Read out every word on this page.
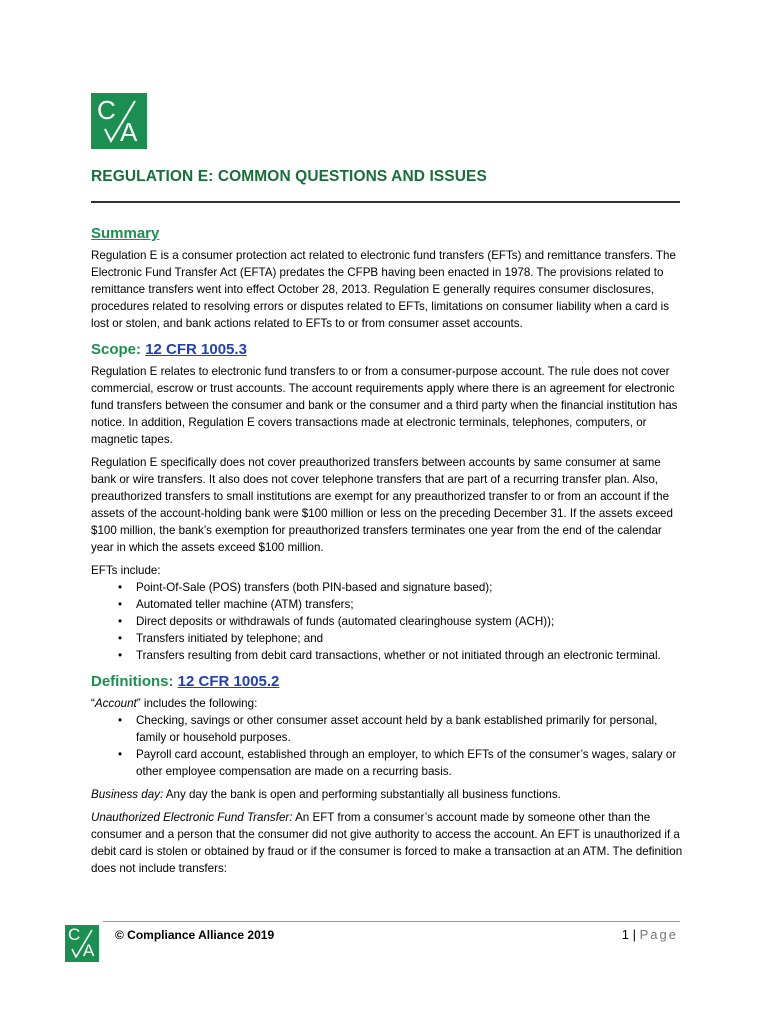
C
A
REGULATION E: COMMON QUESTIONS AND ISSUES
Summary

Regulation E is a consumer protection act related to electronic fund transfers (EFTs) and remittance transfers. The Electronic Fund Transfer Act (EFTA) predates the CFPB having been enacted in 1978. The provisions related to remittance transfers went into effect October 28, 2013. Regulation E generally requires consumer disclosures, procedures related to resolving errors or disputes related to EFTs, limitations on consumer liability when a card is lost or stolen, and bank actions related to EFTs to or from consumer asset accounts.

Scope: 12 CFR 1005.3

Regulation E relates to electronic fund transfers to or from a consumer-purpose account. The rule does not cover commercial, escrow or trust accounts. The account requirements apply where there is an agreement for electronic fund transfers between the consumer and bank or the consumer and a third party when the financial institution has notice. In addition, Regulation E covers transactions made at electronic terminals, telephones, computers, or magnetic tapes.

Regulation E specifically does not cover preauthorized transfers between accounts by same consumer at same bank or wire transfers. It also does not cover telephone transfers that are part of a recurring transfer plan. Also, preauthorized transfers to small institutions are exempt for any preauthorized transfer to or from an account if the assets of the account-holding bank were $100 million or less on the preceding December 31. If the assets exceed $100 million, the bank’s exemption for preauthorized transfers terminates one year from the end of the calendar year in which the assets exceed $100 million.

EFTs include:

• Point-Of-Sale (POS) transfers (both PIN-based and signature based);
• Automated teller machine (ATM) transfers;
• Direct deposits or withdrawals of funds (automated clearinghouse system (ACH));
• Transfers initiated by telephone; and
• Transfers resulting from debit card transactions, whether or not initiated through an electronic terminal.
Definitions: 12 CFR 1005.2

“Account” includes the following:

• Checking, savings or other consumer asset account held by a bank established primarily for personal, family or household purposes.
• Payroll card account, established through an employer, to which EFTs of the consumer’s wages, salary or other employee compensation are made on a recurring basis.

Business day: Any day the bank is open and performing substantially all business functions.

Unauthorized Electronic Fund Transfer: An EFT from a consumer’s account made by someone other than the consumer and a person that the consumer did not give authority to access the account. An EFT is unauthorized if a debit card is stolen or obtained by fraud or if the consumer is forced to make a transaction at an ATM. The definition does not include transfers:

C
A
© Compliance Alliance 2019	1 | Page
